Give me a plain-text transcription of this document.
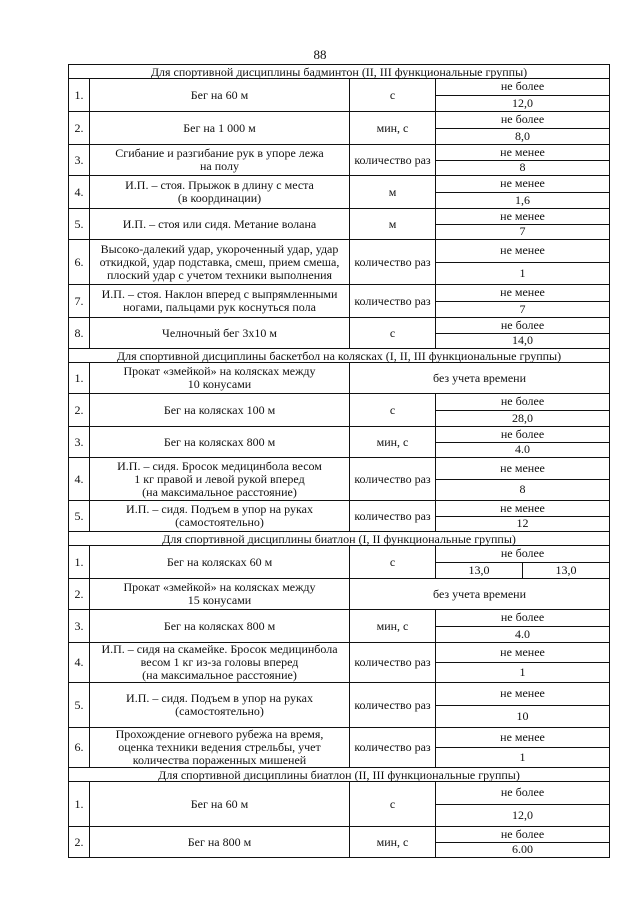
88
Для спортивной дисциплины бадминтон (II, III функциональные группы)				
1.	Бег на 60 м	с	не более	
			12,0	
2.	Бег на 1 000 м	мин, с	не более	
			8,0	
3.	Сгибание и разгибание рук в упоре лежа
на полу	количество раз	не менее	
			8	
4.	И.П. – стоя. Прыжок в длину с места
(в координации)	м	не менее	
			1,6	
5.	И.П. – стоя или сидя. Метание волана	м	не менее	
			7	
6.	Высоко-далекий удар, укороченный удар, удар
откидкой, удар подставка, смеш, прием смеша,
плоский удар с учетом техники выполнения	количество раз	не менее	
			1	
7.	И.П. – стоя. Наклон вперед с выпрямленными
ногами, пальцами рук коснуться пола	количество раз	не менее	
			7	
8.	Челночный бег 3x10 м	с	не более	
			14,0	
Для спортивной дисциплины баскетбол на колясках (I, II, III функциональные группы)				
1.	Прокат «змейкой» на колясках между
10 конусами	без учета времени		
2.	Бег на колясках 100 м	с	не более	
			28,0	
3.	Бег на колясках 800 м	мин, с	не более	
			4.0	
4.	И.П. – сидя. Бросок медицинбола весом
1 кг правой и левой рукой вперед
(на максимальное расстояние)	количество раз	не менее	
			8	
5.	И.П. – сидя. Подъем в упор на руках
(самостоятельно)	количество раз	не менее	
			12	
Для спортивной дисциплины биатлон (I, II функциональные группы)				
1.	Бег на колясках 60 м	с	не более	
			13,0	13,0
2.	Прокат «змейкой» на колясках между
15 конусами	без учета времени		
3.	Бег на колясках 800 м	мин, с	не более	
			4.0	
4.	И.П. – сидя на скамейке. Бросок медицинбола
весом 1 кг из-за головы вперед
(на максимальное расстояние)	количество раз	не менее	
			1	
5.	И.П. – сидя. Подъем в упор на руках
(самостоятельно)	количество раз	не менее	
			10	
6.	Прохождение огневого рубежа на время,
оценка техники ведения стрельбы, учет
количества пораженных мишеней	количество раз	не менее	
			1	
Для спортивной дисциплины биатлон (II, III функциональные группы)				
1.	Бег на 60 м	с	не более	
			12,0	
2.	Бег на 800 м	мин, с	не более	
			6.00	
